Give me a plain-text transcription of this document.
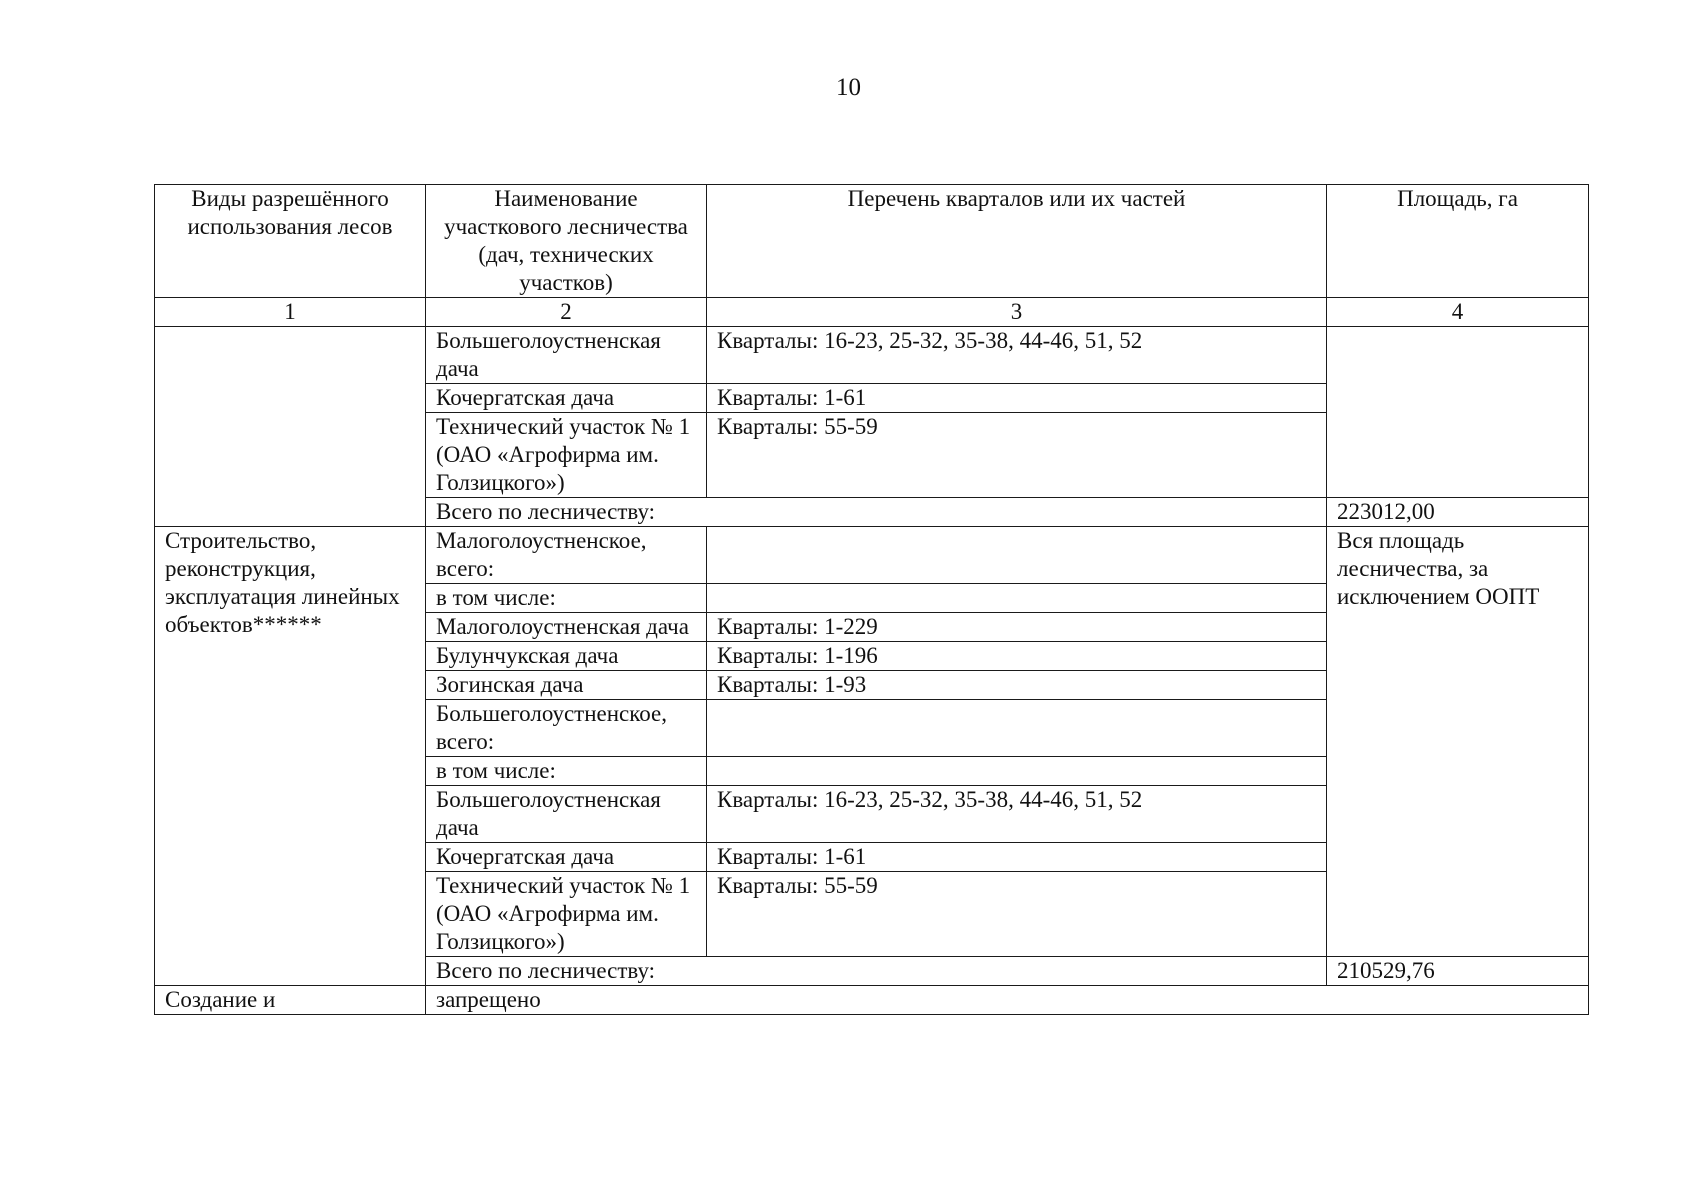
10
Виды разрешённого использования лесов	Наименование участкового лесничества (дач, технических участков)	Перечень кварталов или их частей	Площадь, га
1	2	3	4
	Большеголоустненская дача	Кварталы: 16-23, 25-32, 35-38, 44-46, 51, 52	
	Кочергатская дача	Кварталы: 1-61	
	Технический участок № 1 (ОАО «Агрофирма им. Голзицкого»)	Кварталы: 55-59	
	Всего по лесничеству:		223012,00
Строительство, реконструкция, эксплуатация линейных объектов******	Малоголоустненское, всего:		Вся площадь лесничества, за исключением ООПТ
	в том числе:		
	Малоголоустненская дача	Кварталы: 1-229	
	Булунчукская дача	Кварталы: 1-196	
	Зогинская дача	Кварталы: 1-93	
	Большеголоустненское, всего:		
	в том числе:		
	Большеголоустненская дача	Кварталы: 16-23, 25-32, 35-38, 44-46, 51, 52	
	Кочергатская дача	Кварталы: 1-61	
	Технический участок № 1 (ОАО «Агрофирма им. Голзицкого»)	Кварталы: 55-59	
	Всего по лесничеству:		210529,76
Создание и	запрещено		
